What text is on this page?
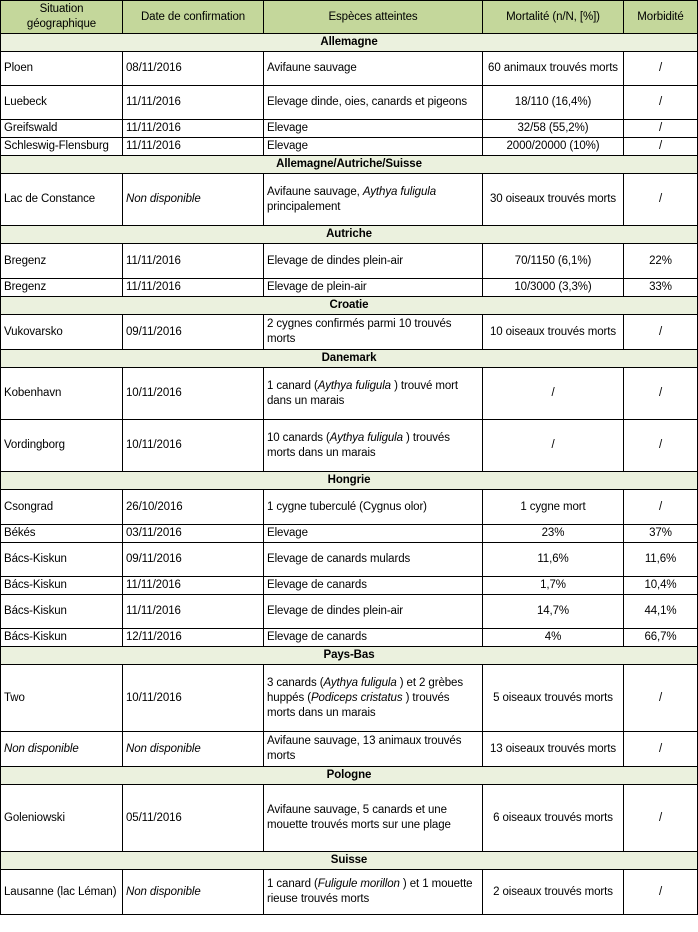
Situation géographique	Date de confirmation	Espèces atteintes	Mortalité (n/N, [%])	Morbidité
Allemagne				
Ploen	08/11/2016	Avifaune sauvage	60 animaux trouvés morts	/
Luebeck	11/11/2016	Elevage dinde, oies, canards et pigeons	18/110 (16,4%)	/
Greifswald	11/11/2016	Elevage	32/58 (55,2%)	/
Schleswig-Flensburg	11/11/2016	Elevage	2000/20000 (10%)	/
Allemagne/Autriche/Suisse				
Lac de Constance	Non disponible	Avifaune sauvage, Aythya fuligula principalement	30 oiseaux trouvés morts	/
Autriche				
Bregenz	11/11/2016	Elevage de dindes plein-air	70/1150 (6,1%)	22%
Bregenz	11/11/2016	Elevage de plein-air	10/3000 (3,3%)	33%
Croatie				
Vukovarsko	09/11/2016	2 cygnes confirmés parmi 10 trouvés morts	10 oiseaux trouvés morts	/
Danemark				
Kobenhavn	10/11/2016	1 canard (Aythya fuligula ) trouvé mort dans un marais	/	/
Vordingborg	10/11/2016	10 canards (Aythya fuligula ) trouvés morts dans un marais	/	/
Hongrie				
Csongrad	26/10/2016	1 cygne tuberculé (Cygnus olor)	1 cygne mort	/
Békés	03/11/2016	Elevage	23%	37%
Bács-Kiskun	09/11/2016	Elevage de canards mulards	11,6%	11,6%
Bács-Kiskun	11/11/2016	Elevage de canards	1,7%	10,4%
Bács-Kiskun	11/11/2016	Elevage de dindes plein-air	14,7%	44,1%
Bács-Kiskun	12/11/2016	Elevage de canards	4%	66,7%
Pays-Bas				
Two	10/11/2016	3 canards (Aythya fuligula ) et 2 grèbes huppés (Podiceps cristatus ) trouvés morts dans un marais	5 oiseaux trouvés morts	/
Non disponible	Non disponible	Avifaune sauvage, 13 animaux trouvés morts	13 oiseaux trouvés morts	/
Pologne				
Goleniowski	05/11/2016	Avifaune sauvage, 5 canards et une mouette trouvés morts sur une plage	6 oiseaux trouvés morts	/
Suisse				
Lausanne (lac Léman)	Non disponible	1 canard (Fuligule morillon ) et 1 mouette rieuse trouvés morts	2 oiseaux trouvés morts	/
